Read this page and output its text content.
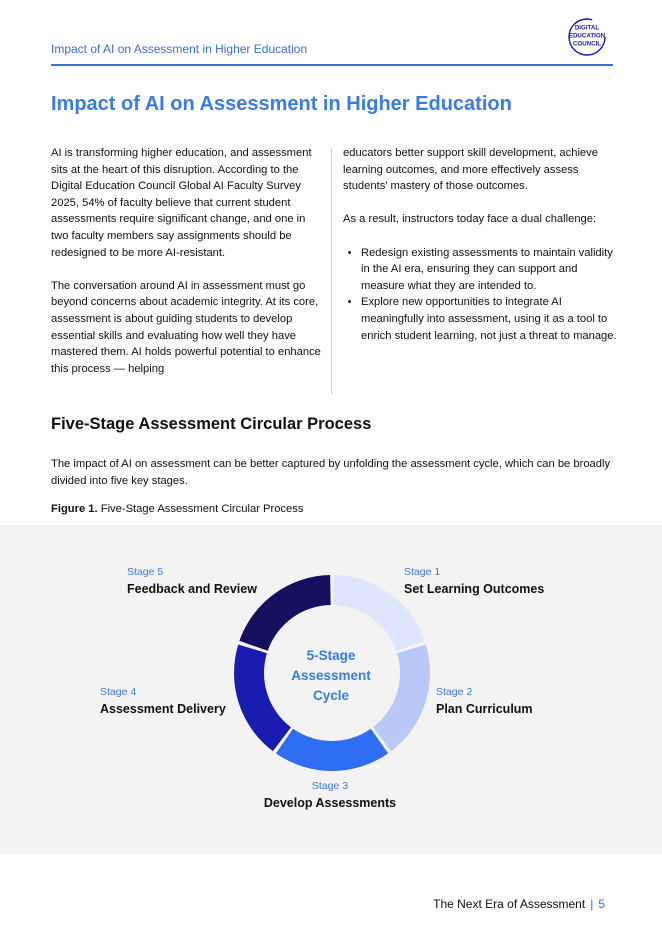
Impact of AI on Assessment in Higher Education
DIGITAL
EDUCATION
COUNCIL
Impact of AI on Assessment in Higher Education

AI is transforming higher education, and assessment sits at the heart of this disruption. According to the Digital Education Council Global AI Faculty Survey 2025, 54% of faculty believe that current student assessments require significant change, and one in two faculty members say assignments should be redesigned to be more AI-resistant.

The conversation around AI in assessment must go beyond concerns about academic integrity. At its core, assessment is about guiding students to develop essential skills and evaluating how well they have mastered them. AI holds powerful potential to enhance this process — helping

educators better support skill development, achieve learning outcomes, and more effectively assess students’ mastery of those outcomes.

As a result, instructors today face a dual challenge:

• Redesign existing assessments to maintain validity in the AI era, ensuring they can support and measure what they are intended to.
• Explore new opportunities to integrate AI meaningfully into assessment, using it as a tool to enrich student learning, not just a threat to manage.
Five-Stage Assessment Circular Process

The impact of AI on assessment can be better captured by unfolding the assessment cycle, which can be broadly divided into five key stages.

Figure 1. Five-Stage Assessment Circular Process
5-Stage
Assessment
Cycle
Stage 1
Set Learning Outcomes
Stage 2
Plan Curriculum
Stage 3
Develop Assessments
Stage 4
Assessment Delivery
Stage 5
Feedback and Review
The Next Era of Assessment | 5
